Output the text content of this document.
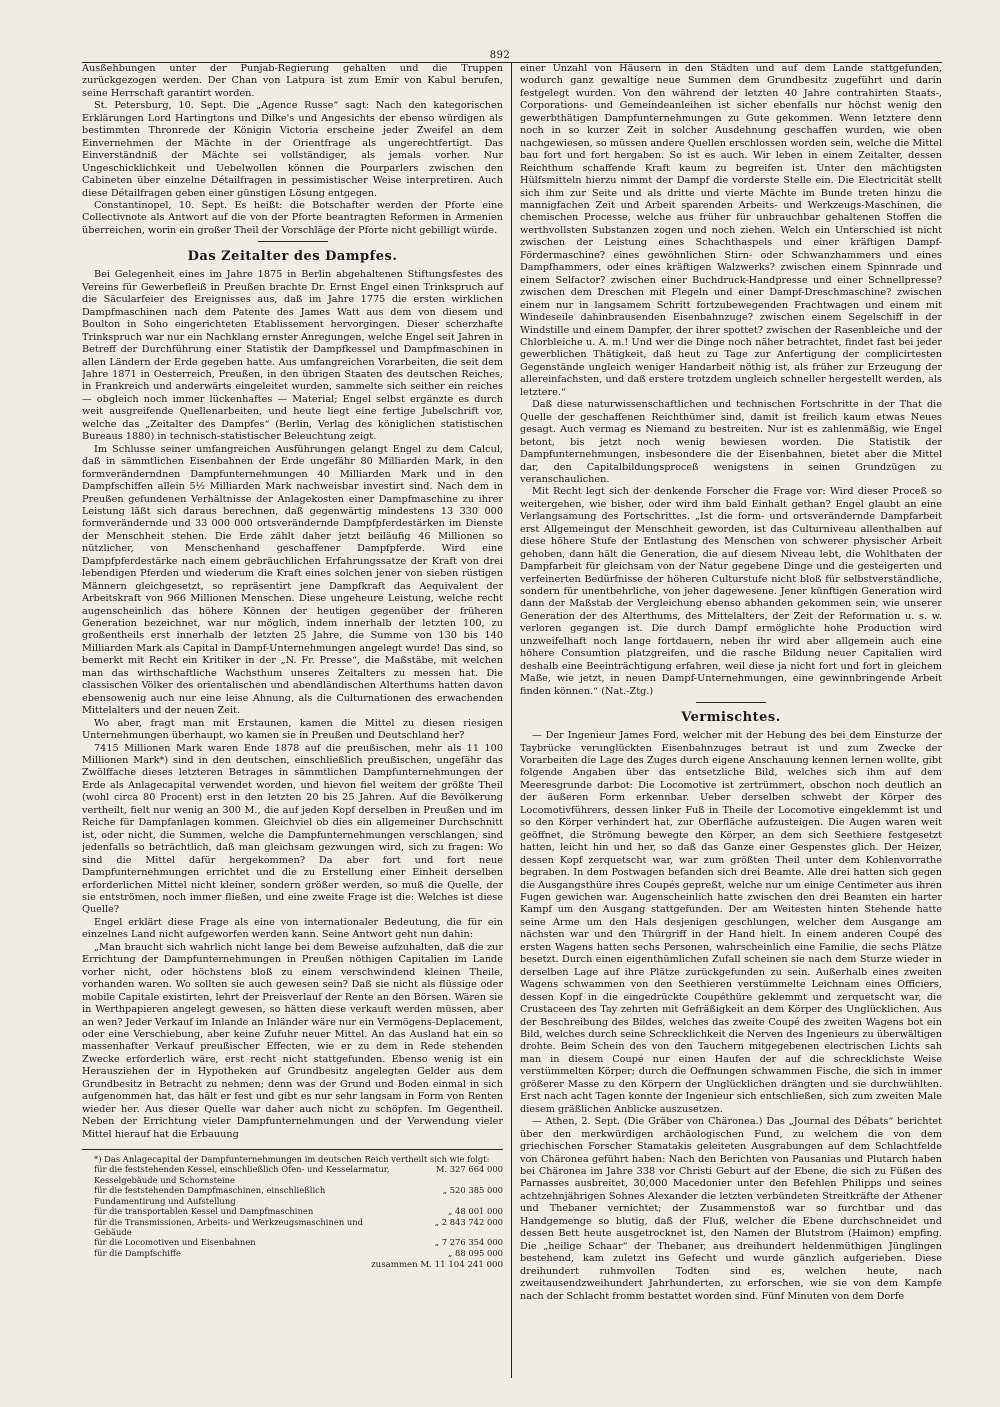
892

Ausßehbungen unter der Punjab-Regierung gehalten und die Truppen zurückgezogen werden. Der Chan von Latpura ist zum Emir von Kabul berufen, seine Herrschaft garantirt worden.

St. Petersburg, 10. Sept. Die „Agence Russe“ sagt: Nach den kategorischen Erklärungen Lord Hartingtons und Dilke's und Angesichts der ebenso würdigen als bestimmten Thronrede der Königin Victoria erscheine jeder Zweifel an dem Einvernehmen der Mächte in der Orientfrage als ungerechtfertigt. Das Einverständniß der Mächte sei vollständiger, als jemals vorher. Nur Ungeschicklichkeit und Uebelwollen können die Pourparlers zwischen den Cabineten über einzelne Détailfragen in pessimistischer Weise interpretiren. Auch diese Détailfragen geben einer günstigen Lösung entgegen.

Constantinopel, 10. Sept. Es heißt: die Botschafter werden der Pforte eine Collectivnote als Antwort auf die von der Pforte beantragten Reformen in Armenien überreichen, worin ein großer Theil der Vorschläge der Pforte nicht gebilligt würde.

Das Zeitalter des Dampfes.

Bei Gelegenheit eines im Jahre 1875 in Berlin abgehaltenen Stiftungsfestes des Vereins für Gewerbefleiß in Preußen brachte Dr. Ernst Engel einen Trinkspruch auf die Säcularfeier des Ereignisses aus, daß im Jahre 1775 die ersten wirklichen Dampfmaschinen nach dem Patente des James Watt aus dem von diesem und Boulton in Soho eingerichteten Etablissement hervorgingen. Dieser scherzhafte Trinkspruch war nur ein Nachklang ernster Anregungen, welche Engel seit Jahren in Betreff der Durchführung einer Statistik der Dampfkessel und Dampfmaschinen in allen Ländern der Erde gegeben hatte. Aus umfangreichen Vorarbeiten, die seit dem Jahre 1871 in Oesterreich, Preußen, in den übrigen Staaten des deutschen Reiches, in Frankreich und anderwärts eingeleitet wurden, sammelte sich seither ein reiches — obgleich noch immer lückenhaftes — Material; Engel selbst ergänzte es durch weit ausgreifende Quellenarbeiten, und heute liegt eine fertige Jubelschrift vor, welche das „Zeitalter des Dampfes“ (Berlin, Verlag des königlichen statistischen Bureaus 1880) in technisch-statistischer Beleuchtung zeigt.

Im Schlusse seiner umfangreichen Ausführungen gelangt Engel zu dem Calcul, daß in sämmtlichen Eisenbahnen der Erde ungefähr 80 Milliarden Mark, in den formveränderndnen Dampfunternehmungen 40 Milliarden Mark und in den Dampfschiffen allein 5½ Milliarden Mark nachweisbar investirt sind. Nach dem in Preußen gefundenen Verhältnisse der Anlagekosten einer Dampfmaschine zu ihrer Leistung läßt sich daraus berechnen, daß gegenwärtig mindestens 13 330 000 formverändernde und 33 000 000 ortsverändernde Dampfpferdestärken im Dienste der Menschheit stehen. Die Erde zählt daher jetzt beiläufig 46 Millionen so nützlicher, von Menschenhand geschaffener Dampfpferde. Wird eine Dampfpferdestärke nach einem gebräuchlichen Erfahrungssatze der Kraft von drei lebendigen Pferden und wiederum die Kraft eines solchen jener von sieben rüstigen Männern gleichgesetzt, so repräsentirt jene Dampfkraft das Aequivalent der Arbeitskraft von 966 Millionen Menschen. Diese ungeheure Leistung, welche recht augenscheinlich das höhere Können der heutigen gegenüber der früheren Generation bezeichnet, war nur möglich, indem innerhalb der letzten 100, zu großentheils erst innerhalb der letzten 25 Jahre, die Summe von 130 bis 140 Milliarden Mark als Capital in Dampf-Unternehmungen angelegt wurde! Das sind, so bemerkt mit Recht ein Kritiker in der „N. Fr. Presse“, die Maßstäbe, mit welchen man das wirthschaftliche Wachsthum unseres Zeitalters zu messen hat. Die classischen Völker des orientalischen und abendländischen Alterthums hatten davon ebensowenig auch nur eine leise Ahnung, als die Culturnationen des erwachenden Mittelalters und der neuen Zeit.

Wo aber, fragt man mit Erstaunen, kamen die Mittel zu diesen riesigen Unternehmungen überhaupt, wo kamen sie in Preußen und Deutschland her?

7415 Millionen Mark waren Ende 1878 auf die preußischen, mehr als 11 100 Millionen Mark*) sind in den deutschen, einschließlich preußischen, ungefähr das Zwölffache dieses letzteren Betrages in sämmtlichen Dampfunternehmungen der Erde als Anlagecapital verwendet worden, und hievon fiel weitem der größte Theil (wohl circa 80 Procent) erst in den letzten 20 bis 25 Jahren. Auf die Bevölkerung vertheilt, fielt nur wenig an 300 M., die auf jeden Kopf derselben in Preußen und im Reiche für Dampfanlagen kommen. Gleichviel ob dies ein allgemeiner Durchschnitt ist, oder nicht, die Summen, welche die Dampfunternehmungen verschlangen, sind jedenfalls so beträchtlich, daß man gleichsam gezwungen wird, sich zu fragen: Wo sind die Mittel dafür hergekommen? Da aber fort und fort neue Dampfunternehmungen errichtet und die zu Erstellung einer Einheit derselben erforderlichen Mittel nicht kleiner, sondern größer werden, so muß die Quelle, der sie entströmen, noch immer fließen, und eine zweite Frage ist die: Welches ist diese Quelle?

Engel erklärt diese Frage als eine von internationaler Bedeutung, die für ein einzelnes Land nicht aufgeworfen werden kann. Seine Antwort geht nun dahin:

„Man braucht sich wahrlich nicht lange bei dem Beweise aufzuhalten, daß die zur Errichtung der Dampfunternehmungen in Preußen nöthigen Capitalien im Lande vorher nicht, oder höchstens bloß zu einem verschwindend kleinen Theile, vorhanden waren. Wo sollten sie auch gewesen sein? Daß sie nicht als flüssige oder mobile Capitale existirten, lehrt der Preisverlauf der Rente an den Börsen. Wären sie in Werthpapieren angelegt gewesen, so hätten diese verkauft werden müssen, aber an wen? Jeder Verkauf im Inlande an Inländer wäre nur ein Vermögens-Deplacement, oder eine Verschiebung, aber keine Zufuhr neuer Mittel. An das Ausland hat ein so massenhafter Verkauf preußischer Effecten, wie er zu dem in Rede stehenden Zwecke erforderlich wäre, erst recht nicht stattgefunden. Ebenso wenig ist ein Herausziehen der in Hypotheken auf Grundbesitz angelegten Gelder aus dem Grundbesitz in Betracht zu nehmen; denn was der Grund und Boden einmal in sich aufgenommen hat, das hält er fest und gibt es nur sehr langsam in Form von Renten wieder her. Aus dieser Quelle war daher auch nicht zu schöpfen. Im Gegentheil. Neben der Errichtung vieler Dampfunternehmungen und der Verwendung vieler Mittel hierauf hat die Erbauung

*) Das Anlagecapital der Dampfunternehmungen im deutschen Reich vertheilt sich wie folgt:

für die feststehenden Kessel, einschließlich Ofen- und Kesselarmatur, Kesselgebäude und Schornsteine
M. 327 664 000
für die feststehenden Dampfmaschinen, einschließlich Fundamentirung und Aufstellung
„ 520 385 000
für die transportablen Kessel und Dampfmaschinen	„ 48 001 000
für die Transmissionen, Arbeits- und Werkzeugsmaschinen und Gebäude
„ 2 843 742 000
für die Locomotiven und Eisenbahnen	„ 7 276 354 000
für die Dampfschiffe	„ 88 095 000
zusammen M. 11 104 241 000

einer Unzahl von Häusern in den Städten und auf dem Lande stattgefunden, wodurch ganz gewaltige neue Summen dem Grundbesitz zugeführt und darin festgelegt wurden. Von den während der letzten 40 Jahre contrahirten Staats-, Corporations- und Gemeindeanleihen ist sicher ebenfalls nur höchst wenig den gewerbthätigen Dampfunternehmungen zu Gute gekommen. Wenn letztere denn noch in so kurzer Zeit in solcher Ausdehnung geschaffen wurden, wie oben nachgewiesen, so müssen andere Quellen erschlossen worden sein, welche die Mittel bau fort und fort hergaben. So ist es auch. Wir leben in einem Zeitalter, dessen Reichthum schaffende Kraft kaum zu begreifen ist. Unter den mächtigsten Hülfsmitteln hierzu nimmt der Dampf die vorderste Stelle ein. Die Electricität stellt sich ihm zur Seite und als dritte und vierte Mächte im Bunde treten hinzu die mannigfachen Zeit und Arbeit sparenden Arbeits- und Werkzeugs-Maschinen, die chemischen Processe, welche aus früher für unbrauchbar gehaltenen Stoffen die werthvollsten Substanzen zogen und noch ziehen. Welch ein Unterschied ist nicht zwischen der Leistung eines Schachthaspels und einer kräftigen Dampf-Fördermaschine? eines gewöhnlichen Stirn- oder Schwanzhammers und eines Dampfhammers, oder eines kräftigen Walzwerks? zwischen einem Spinnrade und einem Selfactor? zwischen einer Buchdruck-Handpresse und einer Schnellpresse? zwischen dem Dreschen mit Flegeln und einer Dampf-Dreschmaschine? zwischen einem nur in langsamem Schritt fortzubewegenden Frachtwagen und einem mit Windeseile dahinbrausenden Eisenbahnzuge? zwischen einem Segelschiff in der Windstille und einem Dampfer, der ihrer spottet? zwischen der Rasenbleiche und der Chlorbleiche u. A. m.! Und wer die Dinge noch näher betrachtet, findet fast bei jeder gewerblichen Thätigkeit, daß heut zu Tage zur Anfertigung der complicirtesten Gegenstände ungleich weniger Handarbeit nöthig ist, als früher zur Erzeugung der allereinfachsten, und daß erstere trotzdem ungleich schneller hergestellt werden, als letztere.“

Daß diese naturwissenschaftlichen und technischen Fortschritte in der That die Quelle der geschaffenen Reichthümer sind, damit ist freilich kaum etwas Neues gesagt. Auch vermag es Niemand zu bestreiten. Nur ist es zahlenmäßig, wie Engel betont, bis jetzt noch wenig bewiesen worden. Die Statistik der Dampfunternehmungen, insbesondere die der Eisenbahnen, bietet aber die Mittel dar, den Capitalbildungsproceß wenigstens in seinen Grundzügen zu veranschaulichen.

Mit Recht legt sich der denkende Forscher die Frage vor: Wird dieser Proceß so weitergehen, wie bisher, oder wird ihm bald Einhalt gethan? Engel glaubt an eine Verlangsamung des Fortschrittes. „Ist die form- und ortsverändernde Dampfarbeit erst Allgemeingut der Menschheit geworden, ist das Culturniveau allenthalben auf diese höhere Stufe der Entlastung des Menschen von schwerer physischer Arbeit gehoben, dann hält die Generation, die auf diesem Niveau lebt, die Wohlthaten der Dampfarbeit für gleichsam von der Natur gegebene Dinge und die gesteigerten und verfeinerten Bedürfnisse der höheren Culturstufe nicht bloß für selbstverständliche, sondern für unentbehrliche, von jeher dagewesene. Jener künftigen Generation wird dann der Maßstab der Vergleichung ebenso abhanden gekommen sein, wie unserer Generation der des Alterthums, des Mittelalters, der Zeit der Reformation u. s. w. verloren gegangen ist. Die durch Dampf ermöglichte hohe Production wird unzweifelhaft noch lange fortdauern, neben ihr wird aber allgemein auch eine höhere Consumtion platzgreifen, und die rasche Bildung neuer Capitalien wird deshalb eine Beeinträchtigung erfahren, weil diese ja nicht fort und fort in gleichem Maße, wie jetzt, in neuen Dampf-Unternehmungen, eine gewinnbringende Arbeit finden können.“ (Nat.-Ztg.)

Vermischtes.

— Der Ingenieur James Ford, welcher mit der Hebung des bei dem Einsturze der Taybrücke verunglückten Eisenbahnzuges betraut ist und zum Zwecke der Vorarbeiten die Lage des Zuges durch eigene Anschauung kennen lernen wollte, gibt folgende Angaben über das entsetzliche Bild, welches sich ihm auf dem Meeresgrunde darbot: Die Locomotive ist zertrümmert, obschon noch deutlich an der äußeren Form erkennbar. Ueber derselben schwebt der Körper des Locomotivführers, dessen linker Fuß in Theile der Locomotive eingeklemmt ist und so den Körper verhindert hat, zur Oberfläche aufzusteigen. Die Augen waren weit geöffnet, die Strömung bewegte den Körper, an dem sich Seethiere festgesetzt hatten, leicht hin und her, so daß das Ganze einer Gespenstes glich. Der Heizer, dessen Kopf zerquetscht war, war zum größten Theil unter dem Kohlenvorrathe begraben. In dem Postwagen befanden sich drei Beamte. Alle drei hatten sich gegen die Ausgangsthüre ihres Coupés gepreßt, welche nur um einige Centimeter aus ihren Fugen gewichen war. Augenscheinlich hatte zwischen den drei Beamten ein harter Kampf um den Ausgang stattgefunden. Der am Weitesten hinten Stehende hatte seine Arme um den Hals desjenigen geschlungen, welcher dem Ausgange am nächsten war und den Thürgriff in der Hand hielt. In einem anderen Coupé des ersten Wagens hatten sechs Personen, wahrscheinlich eine Familie, die sechs Plätze besetzt. Durch einen eigenthümlichen Zufall scheinen sie nach dem Sturze wieder in derselben Lage auf ihre Plätze zurückgefunden zu sein. Außerhalb eines zweiten Wagens schwammen von den Seethieren verstümmelte Leichnam eines Officiers, dessen Kopf in die eingedrückte Coupéthüre geklemmt und zerquetscht war, die Crustaceen des Tay zehrten mit Gefräßigkeit an dem Körper des Unglücklichen. Aus der Beschreibung des Bildes, welches das zweite Coupé des zweiten Wagens bot ein Bild, welches durch seine Schrecklichkeit die Nerven des Ingenieurs zu überwältigen drohte. Beim Schein des von den Tauchern mitgegebenen electrischen Lichts sah man in diesem Coupé nur einen Haufen der auf die schrecklichste Weise verstümmelten Körper; durch die Oeffnungen schwammen Fische, die sich in immer größerer Masse zu den Körpern der Unglücklichen drängten und sie durchwühlten. Erst nach acht Tagen konnte der Ingenieur sich entschließen, sich zum zweiten Male diesem gräßlichen Anblicke auszusetzen.

— Athen, 2. Sept. (Die Gräber von Chäronea.) Das „Journal des Débats“ berichtet über den merkwürdigen archäologischen Fund, zu welchem die von dem griechischen Forscher Stamatakis geleiteten Ausgrabungen auf dem Schlachtfelde von Chäronea geführt haben: Nach den Berichten von Pausanias und Plutarch haben bei Chäronea im Jahre 338 vor Christi Geburt auf der Ebene, die sich zu Füßen des Parnasses ausbreitet, 30,000 Macedonier unter den Befehlen Philipps und seines achtzehnjährigen Sohnes Alexander die letzten verbündeten Streitkräfte der Athener und Thebaner vernichtet; der Zusammenstoß war so furchtbar und das Handgemenge so blutig, daß der Fluß, welcher die Ebene durchschneidet und dessen Bett heute ausgetrocknet ist, den Namen der Blutstrom (Haimon) empfing. Die „heilige Schaar“ der Thebaner, aus dreihundert heldenmüthigen Jünglingen bestehend, kam zuletzt ins Gefecht und wurde gänzlich aufgerieben. Diese dreihundert ruhmvollen Todten sind es, welchen heute, nach zweitausendzweihundert Jahrhunderten, zu erforschen, wie sie von dem Kampfe nach der Schlacht fromm bestattet worden sind. Fünf Minuten von dem Dorfe
